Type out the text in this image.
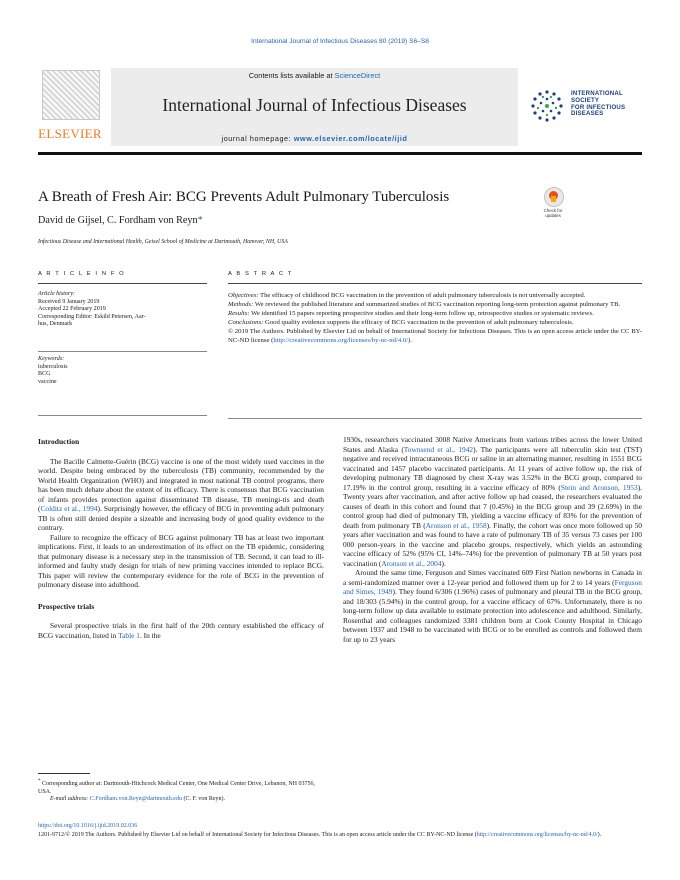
International Journal of Infectious Diseases 80 (2019) S6–S8
ELSEVIER
Contents lists available at ScienceDirect
International Journal of Infectious Diseases
journal homepage: www.elsevier.com/locate/ijid
INTERNATIONAL
SOCIETY
FOR INFECTIOUS
DISEASES
A Breath of Fresh Air: BCG Prevents Adult Pulmonary Tuberculosis
David de Gijsel, C. Fordham von Reyn*
Infectious Disease and International Health, Geisel School of Medicine at Dartmouth, Hanover, NH, USA
Check for updates
A R T I C L E I N F O
Article history:
Received 9 January 2019
Accepted 22 February 2019
Corresponding Editor: Eskild Petersen, Aar-
hus, Denmark
Keywords:
tuberculosis
BCG
vaccine
A B S T R A C T

Objectives: The efficacy of childhood BCG vaccination in the prevention of adult pulmonary tuberculosis is not universally accepted.

Methods: We reviewed the published literature and summarized studies of BCG vaccination reporting long-term protection against pulmonary TB.

Results: We identified 15 papers reporting prospective studies and their long-term follow up, retrospective studies or systematic reviews.

Conclusions: Good quality evidence supports the efficacy of BCG vaccination in the prevention of adult pulmonary tuberculosis.

© 2019 The Authors. Published by Elsevier Ltd on behalf of International Society for Infectious Diseases. This is an open access article under the CC BY-NC-ND license (http://creativecommons.org/licenses/by-nc-nd/4.0/).

Introduction

The Bacille Calmette-Guérin (BCG) vaccine is one of the most widely used vaccines in the world. Despite being embraced by the tuberculosis (TB) community, recommended by the World Health Organization (WHO) and integrated in most national TB control programs, there has been much debate about the extent of its efficacy. There is consensus that BCG vaccination of infants provides protection against disseminated TB disease, TB meningi-tis and death (Colditz et al., 1994). Surprisingly however, the efficacy of BCG in preventing adult pulmonary TB is often still denied despite a sizeable and increasing body of good quality evidence to the contrary.

Failure to recognize the efficacy of BCG against pulmonary TB has at least two important implications. First, it leads to an underestimation of its effect on the TB epidemic, considering that pulmonary disease is a necessary step in the transmission of TB. Second, it can lead to ill-informed and faulty study design for trials of new priming vaccines intended to replace BCG. This paper will review the contemporary evidence for the role of BCG in the prevention of pulmonary disease into adulthood.

Prospective trials

Several prospective trials in the first half of the 20th century established the efficacy of BCG vaccination, listed in Table 1. In the

1930s, researchers vaccinated 3008 Native Americans from various tribes across the lower United States and Alaska (Townsend et al., 1942). The participants were all tuberculin skin test (TST) negative and received intracutaneous BCG or saline in an alternating manner, resulting in 1551 BCG vaccinated and 1457 placebo vaccinated participants. At 11 years of active follow up, the risk of developing pulmonary TB diagnosed by chest X-ray was 3.52% in the BCG group, compared to 17.19% in the control group, resulting in a vaccine efficacy of 80% (Stein and Aronson, 1953). Twenty years after vaccination, and after active follow up had ceased, the researchers evaluated the causes of death in this cohort and found that 7 (0.45%) in the BCG group and 39 (2.69%) in the control group had died of pulmonary TB, yielding a vaccine efficacy of 83% for the prevention of death from pulmonary TB (Aronson et al., 1958). Finally, the cohort was once more followed up 50 years after vaccination and was found to have a rate of pulmonary TB of 35 versus 73 cases per 100 000 person-years in the vaccine and placebo groups, respectively, which yields an astounding vaccine efficacy of 52% (95% CI, 14%–74%) for the prevention of pulmonary TB at 50 years post vaccination (Aronson et al., 2004).

Around the same time, Ferguson and Simes vaccinated 609 First Nation newborns in Canada in a semi-randomized manner over a 12-year period and followed them up for 2 to 14 years (Ferguson and Simes, 1949). They found 6/306 (1.96%) cases of pulmonary and pleural TB in the BCG group, and 18/303 (5.94%) in the control group, for a vaccine efficacy of 67%. Unfortunately, there is no long-term follow up data available to estimate protection into adolescence and adulthood. Similarly, Rosenthal and colleagues randomized 3381 children born at Cook County Hospital in Chicago between 1937 and 1948 to be vaccinated with BCG or to be enrolled as controls and followed them for up to 23 years

* Corresponding author at: Dartmouth-Hitchcock Medical Center, One Medical Center Drive, Lebanon, NH 03756, USA.

E-mail address: C.Fordham.von.Reyn@dartmouth.edu (C. F. von Reyn).

https://doi.org/10.1016/j.ijid.2019.02.036
1201-9712/© 2019 The Authors. Published by Elsevier Ltd on behalf of International Society for Infectious Diseases. This is an open access article under the CC BY-NC-ND license (http://creativecommons.org/licenses/by-nc-nd/4.0/).
